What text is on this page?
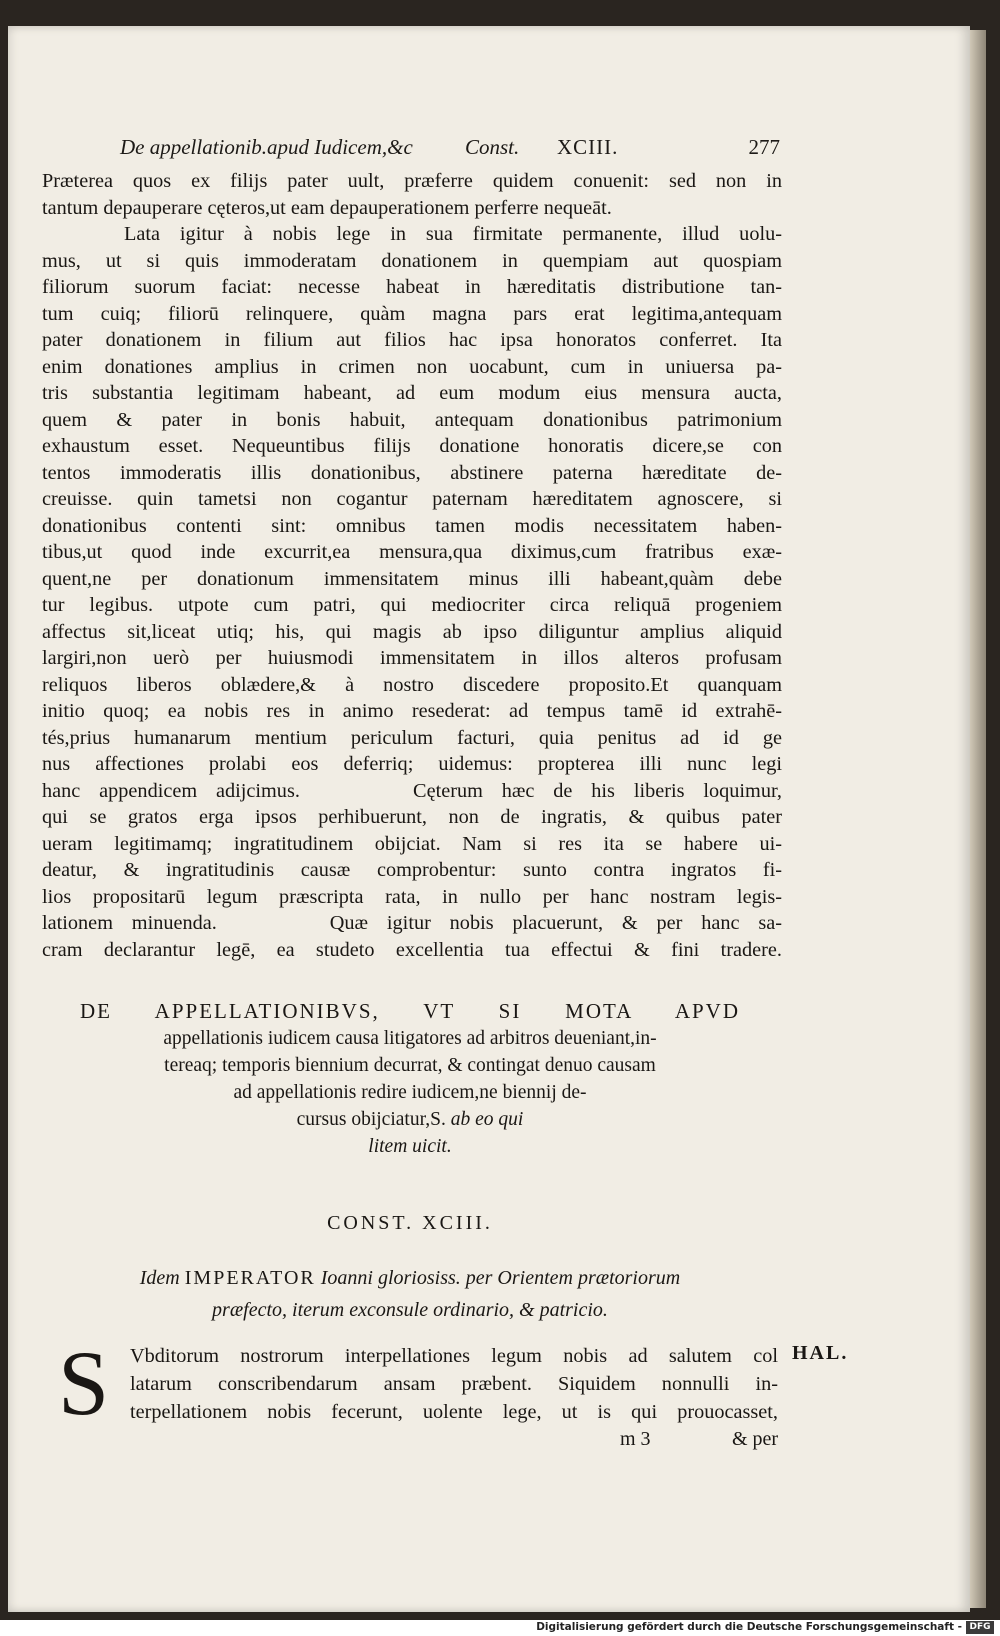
De appellationib.apud Iudicem,&c Const. XCIII.	277
Præterea quos ex filijs pater uult, præferre quidem conuenit: sed non in
tantum depauperare cęteros,ut eam depauperationem perferre nequeāt.
Lata igitur à nobis lege in sua firmitate permanente, illud uolu-
mus, ut si quis immoderatam donationem in quempiam aut quospiam
filiorum suorum faciat: necesse habeat in hæreditatis distributione tan-
tum cuiq; filiorū relinquere, quàm magna pars erat legitima,antequam
pater donationem in filium aut filios hac ipsa honoratos conferret. Ita
enim donationes amplius in crimen non uocabunt, cum in uniuersa pa-
tris substantia legitimam habeant, ad eum modum eius mensura aucta,
quem & pater in bonis habuit, antequam donationibus patrimonium
exhaustum esset. Nequeuntibus filijs donatione honoratis dicere,se con
tentos immoderatis illis donationibus, abstinere paterna hæreditate de-
creuisse. quin tametsi non cogantur paternam hæreditatem agnoscere, si
donationibus contenti sint: omnibus tamen modis necessitatem haben-
tibus,ut quod inde excurrit,ea mensura,qua diximus,cum fratribus exæ-
quent,ne per donationum immensitatem minus illi habeant,quàm debe
tur legibus. utpote cum patri, qui mediocriter circa reliquā progeniem
affectus sit,liceat utiq; his, qui magis ab ipso diliguntur amplius aliquid
largiri,non uerò per huiusmodi immensitatem in illos alteros profusam
reliquos liberos oblædere,& à nostro discedere proposito.Et quanquam
initio quoq; ea nobis res in animo resederat: ad tempus tamē id extrahē-
tés,prius humanarum mentium periculum facturi, quia penitus ad id ge
nus affectiones prolabi eos deferriq; uidemus: propterea illi nunc legi
hanc appendicem adijcimus.      Cęterum hæc de his liberis loquimur,
qui se gratos erga ipsos perhibuerunt, non de ingratis, & quibus pater
ueram legitimamq; ingratitudinem obijciat. Nam si res ita se habere ui-
deatur, & ingratitudinis causæ comprobentur: sunto contra ingratos fi-
lios propositarū legum præscripta rata, in nullo per hanc nostram legis-
lationem minuenda.      Quæ igitur nobis placuerunt, & per hanc sa-
cram declarantur legē, ea studeto excellentia tua effectui & fini tradere.
DE APPELLATIONIBVS, VT SI MOTA APVD
appellationis iudicem causa litigatores ad arbitros deueniant,in-
tereaq; temporis biennium decurrat, & contingat denuo causam
ad appellationis redire iudicem,ne biennij de-
cursus obijciatur,S. ab eo qui
litem uicit.
CONST. XCIII.
Idem IMPERATOR Ioanni gloriosiss. per Orientem prætoriorum
præfecto, iterum exconsule ordinario, & patricio.
S Vbditorum nostrorum interpellationes legum nobis ad salutem col
latarum conscribendarum ansam præbent. Siquidem nonnulli in-
terpellationem nobis fecerunt, uolente lege, ut is qui prouocasset,
HAL.
m 3	& per
Digitalisierung gefördert durch die Deutsche Forschungsgemeinschaft - DFG
